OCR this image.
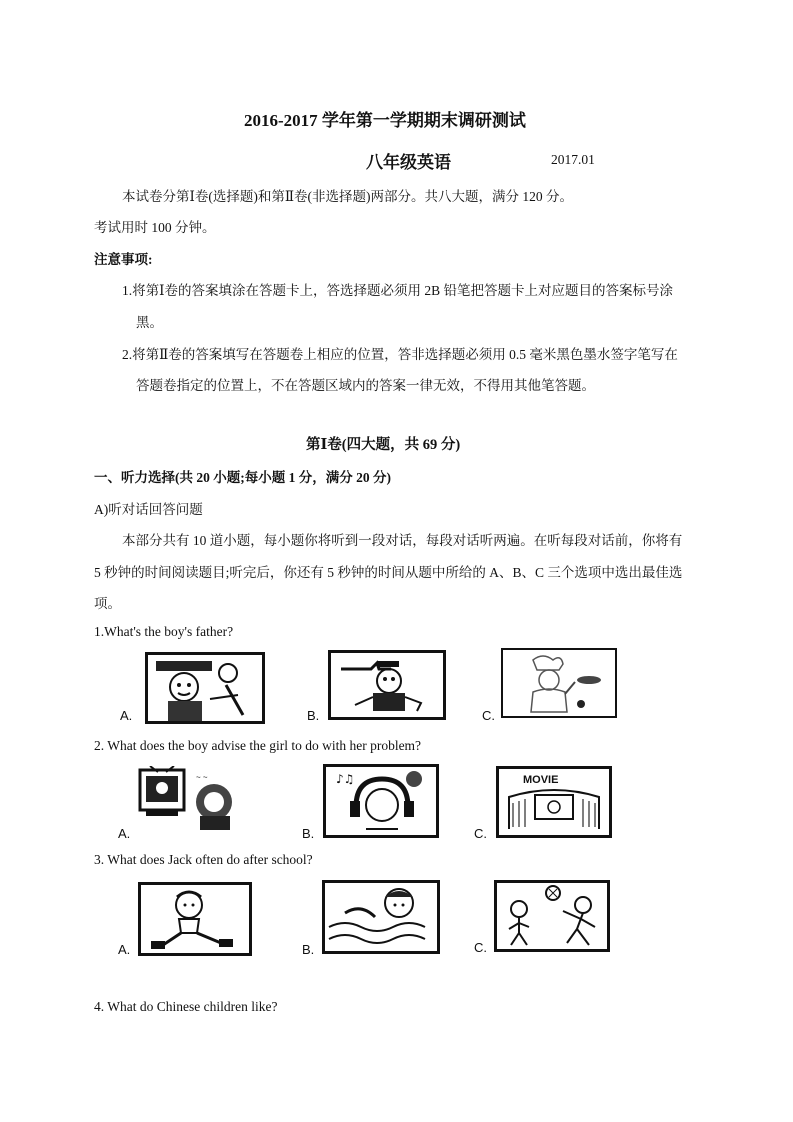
2016-2017 学年第一学期期末调研测试
八年级英语	2017.01
本试卷分第Ⅰ卷(选择题)和第Ⅱ卷(非选择题)两部分。共八大题，满分 120 分。
考试用时 100 分钟。
注意事项:
1.将第Ⅰ卷的答案填涂在答题卡上，答选择题必须用 2B 铅笔把答题卡上对应题目的答案标号涂
黑。
2.将第Ⅱ卷的答案填写在答题卷上相应的位置，答非选择题必须用 0.5 毫米黑色墨水签字笔写在
答题卷指定的位置上，不在答题区域内的答案一律无效，不得用其他笔答题。
第Ⅰ卷(四大题，共 69 分)
一、听力选择(共 20 小题;每小题 1 分，满分 20 分)
A)听对话回答问题
本部分共有 10 道小题，每小题你将听到一段对话，每段对话听两遍。在听每段对话前，你将有
5 秒钟的时间阅读题目;听完后，你还有 5 秒钟的时间从题中所给的 A、B、C 三个选项中选出最佳选
项。
1.What's the boy's father?
A.	B.	C.
2. What does the boy advise the girl to do with her problem?
A.
~ ~
B.
♪♫
C.
MOVIE
3. What does Jack often do after school?
A.	B.	C.
4. What do Chinese children like?
